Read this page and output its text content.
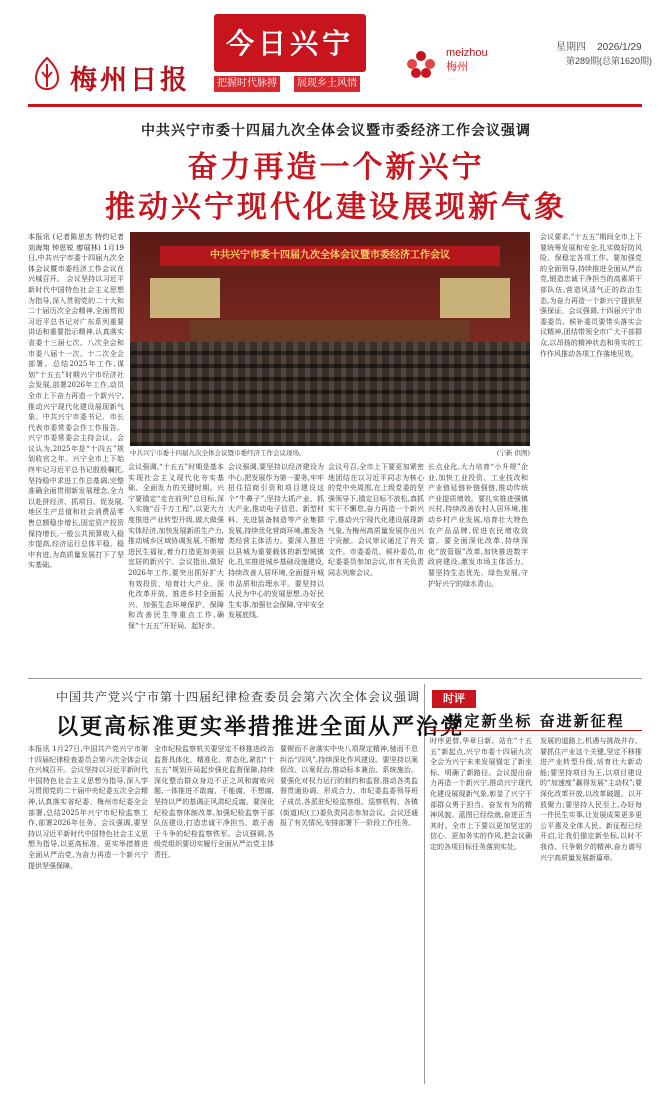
梅州日报
今日兴宁
把握时代脉搏	展现乡土风情
meizhou
梅州
星期四 2026/1/29
第289期(总第1620期)
中共兴宁市委十四届九次全体会议暨市委经济工作会议强调
奋力再造一个新兴宁
推动兴宁现代化建设展现新气象
本报讯 (记者陈思杰 特约记者刘海翔 钟思锐 廖展林) 1月19日,中共兴宁市委十四届九次全体会议暨市委经济工作会议在兴城召开。 会议坚持以习近平新时代中国特色社会主义思想为指导,深入贯彻党的二十大和二十届历次全会精神,全面贯彻习近平总书记对广东系列重要讲话和重要指示精神,认真落实省委十三届七次、八次全会和市委八届十一次、十二次全会部署。总结2025年工作,谋划“十五五”时期兴宁市经济社会发展,部署2026年工作,动员全市上下奋力再造一个新兴宁,推动兴宁现代化建设展现新气象。中共兴宁市委书记、市长代表市委常委会作工作报告。兴宁市委常委会主持会议。会议认为,2025年是“十四五”规划收官之年。兴宁全市上下始终牢记习近平总书记殷殷嘱托,坚持稳中求进工作总基调,完整准确全面贯彻新发展理念,全力以赴拼经济、抓项目、促发展,地区生产总值和社会消费品零售总额稳步增长,固定资产投资保持增长,一般公共预算收入稳步提高,经济运行总体平稳、稳中有进,为高质量发展打下了坚实基础。
会议强调,“十五五”时期是基本实现社会主义现代化夯实基础、全面发力的关键时期。兴宁要锚定“走在前列”总目标,深入实施“百千万工程”,以更大力度推进产业转型升级,做大做强实体经济,加快发展新质生产力,推动城乡区域协调发展,不断增进民生福祉,着力打造更加美丽宜居的新兴宁。会议指出,做好2026年工作,要突出抓好扩大有效投资、培育壮大产业、深化改革开放、推进乡村全面振兴、加强生态环境保护、保障和改善民生等重点工作,确保“十五五”开好局、起好步。
会议强调,要坚持以经济建设为中心,把发展作为第一要务,牢牢扭住招商引资和项目建设这个“牛鼻子”,坚持大抓产业、抓大产业,推动电子信息、新型材料、先进装备制造等产业集群发展,持续优化营商环境,激发各类经营主体活力。要深入推进以县城为重要载体的新型城镇化,扎实推进城乡基础设施建设,持续改善人居环境,全面提升城市品质和治理水平。要坚持以人民为中心的发展思想,办好民生实事,加强社会保障,守牢安全发展底线。
会议号召,全市上下要更加紧密地团结在以习近平同志为核心的党中央周围,在上级党委的坚强领导下,锚定目标不放松,真抓实干不懈怠,奋力再造一个新兴宁,推动兴宁现代化建设展现新气象,为梅州高质量发展作出兴宁贡献。会议审议通过了有关文件。市委委员、候补委员,市纪委委员参加会议,市有关负责同志列席会议。
长点业化,大力培育“小升规”企业,加快工业投资、工业技改和产业链延链补链强链,推动传统产业提质增效。要扎实推进强镇兴村,持续改善农村人居环境,推动乡村产业发展,培育壮大特色农产品品牌,促进农民增收致富。要全面深化改革,持续深化“放管服”改革,加快推进数字政府建设,激发市场主体活力。要坚持生态优先、绿色发展,守护好兴宁的绿水青山。
会议要求,“十五五”期间全市上下要统筹发展和安全,扎实做好防风险、保稳定各项工作。要加强党的全面领导,持续推进全面从严治党,锻造忠诚干净担当的高素质干部队伍,营造风清气正的政治生态,为奋力再造一个新兴宁提供坚强保证。会议强调,十四届兴宁市委委员、候补委员要带头落实会议精神,团结带领全市广大干部群众,以昂扬的精神状态和务实的工作作风推动各项工作落地见效。
中共兴宁市委十四届九次全体会议暨市委经济工作会议
中共兴宁市委十四届九次全体会议暨市委经济工作会议现场。	(宁新 供图)
中国共产党兴宁市第十四届纪律检查委员会第六次全体会议强调
以更高标准更实举措推进全面从严治党
本报讯 1月27日,中国共产党兴宁市第十四届纪律检查委员会第六次全体会议在兴城召开。会议坚持以习近平新时代中国特色社会主义思想为指导,深入学习贯彻党的二十届中央纪委五次全会精神,认真落实省纪委、梅州市纪委全会部署,总结2025年兴宁市纪检监察工作,部署2026年任务。会议强调,要坚持以习近平新时代中国特色社会主义思想为指导,以更高标准、更实举措推进全面从严治党,为奋力再造一个新兴宁提供坚强保障。
全市纪检监察机关要坚定不移推进政治监督具体化、精准化、常态化,紧扣“十五五”规划开局起步强化监督保障,持续深化整治群众身边不正之风和腐败问题,一体推进不敢腐、不能腐、不想腐,坚持以严的基调正风肃纪反腐。要深化纪检监察体制改革,加强纪检监察干部队伍建设,打造忠诚干净担当、敢于善于斗争的纪检监察铁军。会议强调,各级党组织要切实履行全面从严治党主体责任。
要锲而不舍落实中央八项规定精神,驰而不息纠治“四风”,持续深化作风建设。要坚持以案促改、以案促治,推动标本兼治、系统施治。要强化对权力运行的制约和监督,推动各类监督贯通协调、形成合力。市纪委监委领导班子成员,各派驻纪检监察组、巡察机构、各镇(街道)纪(工)委负责同志参加会议。会议还通报了有关情况,安排部署下一阶段工作任务。
时评
锚定新坐标 奋进新征程
时序更替,华章日新。站在“十五五”新起点,兴宁市委十四届九次全会为兴宁未来发展锚定了新坐标、明确了新路径。会议提出奋力再造一个新兴宁,推动兴宁现代化建设展现新气象,彰显了兴宁干部群众勇于担当、奋发有为的精神风貌。蓝图已经绘就,奋进正当其时。全市上下要以更加坚定的信心、更加务实的作风,把会议确定的各项目标任务落到实处。
发展的道路上,机遇与挑战并存。要抓住产业这个关键,坚定不移推进产业转型升级,培育壮大新动能;要坚持项目为王,以项目建设的“加速度”赢得发展“主动权”;要深化改革开放,以改革破题、以开放聚力;要坚持人民至上,办好每一件民生实事,让发展成果更多更公平惠及全体人民。新征程已经开启,让我们锚定新坐标,以时不我待、只争朝夕的精神,奋力谱写兴宁高质量发展新篇章。
